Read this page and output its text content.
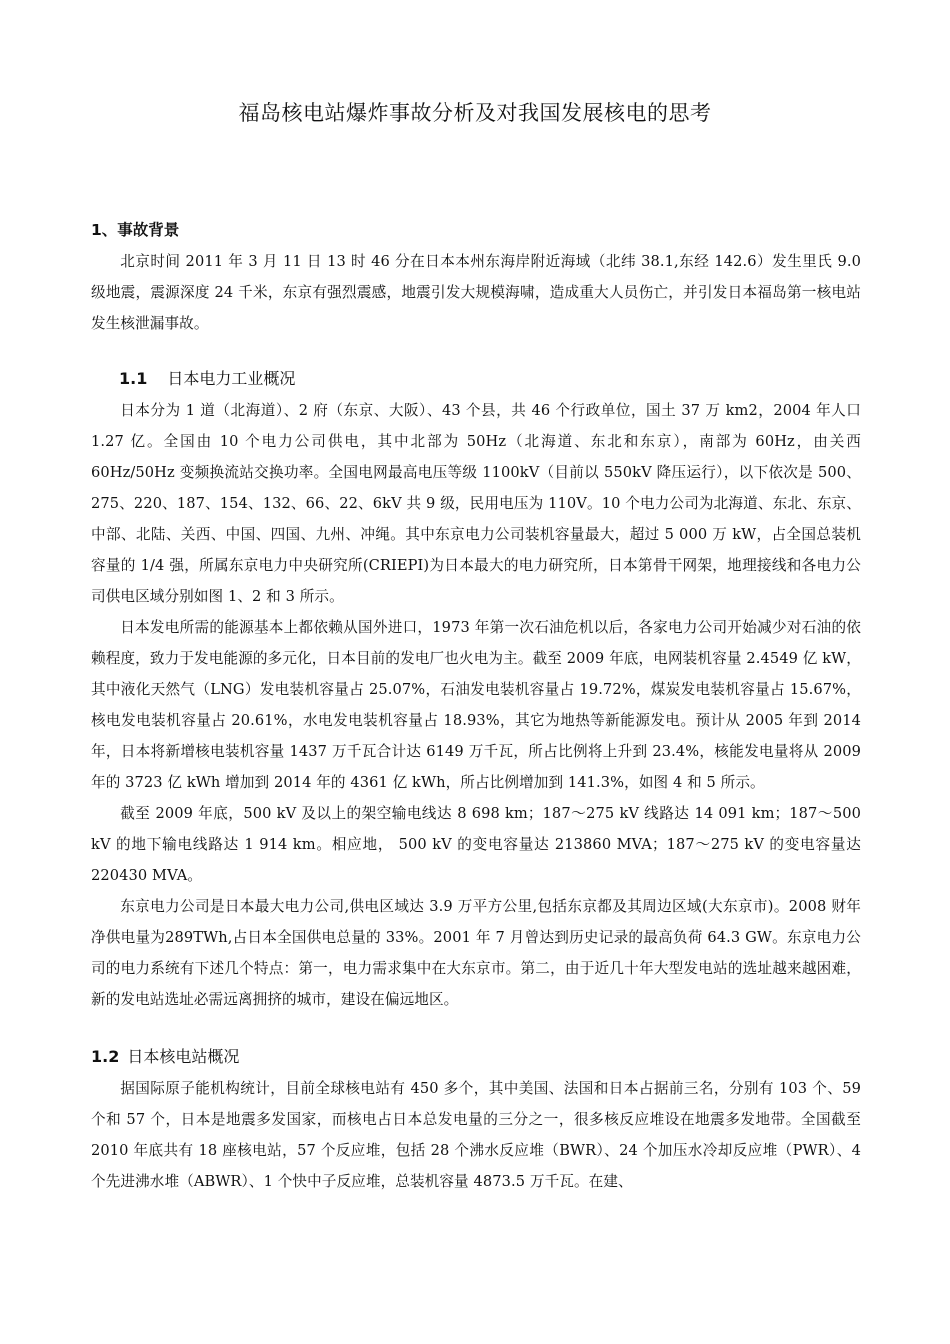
福岛核电站爆炸事故分析及对我国发展核电的思考
1、事故背景

北京时间 2011 年 3 月 11 日 13 时 46 分在日本本州东海岸附近海域（北纬 38.1,东经 142.6）发生里氏 9.0 级地震，震源深度 24 千米，东京有强烈震感，地震引发大规模海啸，造成重大人员伤亡，并引发日本福岛第一核电站发生核泄漏事故。

1.1 日本电力工业概况

日本分为 1 道（北海道）、2 府（东京、大阪）、43 个县，共 46 个行政单位，国土 37 万 km2，2004 年人口 1.27 亿。全国由 10 个电力公司供电，其中北部为 50Hz（北海道、东北和东京），南部为 60Hz，由关西 60Hz/50Hz 变频换流站交换功率。全国电网最高电压等级 1100kV（目前以 550kV 降压运行），以下依次是 500、275、220、187、154、132、66、22、6kV 共 9 级，民用电压为 110V。10 个电力公司为北海道、东北、东京、中部、北陆、关西、中国、四国、九州、冲绳。其中东京电力公司装机容量最大，超过 5 000 万 kW，占全国总装机容量的 1/4 强，所属东京电力中央研究所(CRIEPI)为日本最大的电力研究所，日本第骨干网架，地理接线和各电力公司供电区域分别如图 1、2 和 3 所示。

日本发电所需的能源基本上都依赖从国外进口，1973 年第一次石油危机以后，各家电力公司开始减少对石油的依赖程度，致力于发电能源的多元化，日本目前的发电厂也火电为主。截至 2009 年底，电网装机容量 2.4549 亿 kW，其中液化天然气（LNG）发电装机容量占 25.07%，石油发电装机容量占 19.72%，煤炭发电装机容量占 15.67%，核电发电装机容量占 20.61%，水电发电装机容量占 18.93%，其它为地热等新能源发电。预计从 2005 年到 2014 年，日本将新增核电装机容量 1437 万千瓦合计达 6149 万千瓦，所占比例将上升到 23.4%，核能发电量将从 2009 年的 3723 亿 kWh 增加到 2014 年的 4361 亿 kWh，所占比例增加到 141.3%，如图 4 和 5 所示。

截至 2009 年底，500 kV 及以上的架空输电线达 8 698 km；187～275 kV 线路达 14 091 km；187～500 kV 的地下输电线路达 1 914 km。相应地， 500 kV 的变电容量达 213860 MVA；187～275 kV 的变电容量达 220430 MVA。

东京电力公司是日本最大电力公司,供电区域达 3.9 万平方公里,包括东京都及其周边区域(大东京市)。2008 财年净供电量为289TWh,占日本全国供电总量的 33%。2001 年 7 月曾达到历史记录的最高负荷 64.3 GW。东京电力公司的电力系统有下述几个特点：第一，电力需求集中在大东京市。第二，由于近几十年大型发电站的选址越来越困难，新的发电站选址必需远离拥挤的城市，建设在偏远地区。

1.2 日本核电站概况

据国际原子能机构统计，目前全球核电站有 450 多个，其中美国、法国和日本占据前三名，分别有 103 个、59 个和 57 个，日本是地震多发国家，而核电占日本总发电量的三分之一，很多核反应堆设在地震多发地带。全国截至 2010 年底共有 18 座核电站，57 个反应堆，包括 28 个沸水反应堆（BWR）、24 个加压水冷却反应堆（PWR）、4 个先进沸水堆（ABWR）、1 个快中子反应堆，总装机容量 4873.5 万千瓦。在建、
